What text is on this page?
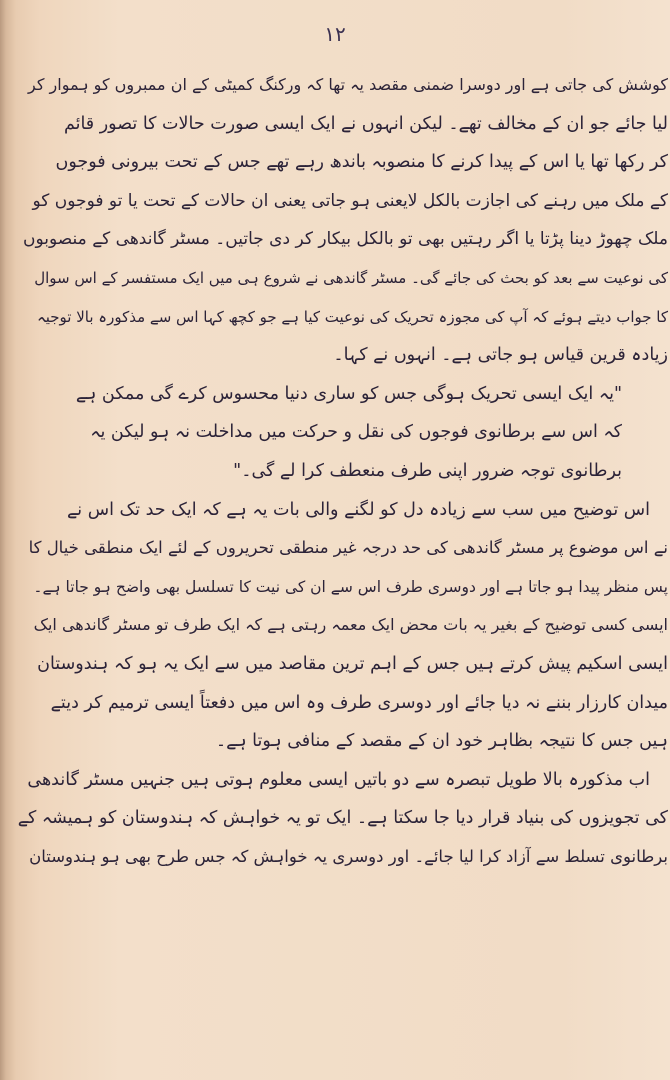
۱۲
کوشش کی جاتی ہے اور دوسرا ضمنی مقصد یہ تھا کہ ورکنگ کمیٹی کے ان ممبروں کو ہموار کر
لیا جائے جو ان کے مخالف تھے۔ لیکن انہوں نے ایک ایسی صورت حالات کا تصور قائم
کر رکھا تھا یا اس کے پیدا کرنے کا منصوبہ باندھ رہے تھے جس کے تحت بیرونی فوجوں
کے ملک میں رہنے کی اجازت بالکل لایعنی ہو جاتی یعنی ان حالات کے تحت یا تو فوجوں کو
ملک چھوڑ دینا پڑتا یا اگر رہتیں بھی تو بالکل بیکار کر دی جاتیں۔ مسٹر گاندھی کے منصوبوں
کی نوعیت سے بعد کو بحث کی جائے گی۔ مسٹر گاندھی نے شروع ہی میں ایک مستفسر کے اس سوال
کا جواب دیتے ہوئے کہ آپ کی مجوزہ تحریک کی نوعیت کیا ہے جو کچھ کہا اس سے مذکورہ بالا توجیہ
زیادہ قرین قیاس ہو جاتی ہے۔ انہوں نے کہا۔
"یہ ایک ایسی تحریک ہوگی جس کو ساری دنیا محسوس کرے گی ممکن ہے
کہ اس سے برطانوی فوجوں کی نقل و حرکت میں مداخلت نہ ہو لیکن یہ
برطانوی توجہ ضرور اپنی طرف منعطف کرا لے گی۔"
اس توضیح میں سب سے زیادہ دل کو لگنے والی بات یہ ہے کہ ایک حد تک اس نے
نے اس موضوع پر مسٹر گاندھی کی حد درجہ غیر منطقی تحریروں کے لئے ایک منطقی خیال کا
پس منظر پیدا ہو جاتا ہے اور دوسری طرف اس سے ان کی نیت کا تسلسل بھی واضح ہو جاتا ہے۔
ایسی کسی توضیح کے بغیر یہ بات محض ایک معمہ رہتی ہے کہ ایک طرف تو مسٹر گاندھی ایک
ایسی اسکیم پیش کرتے ہیں جس کے اہم ترین مقاصد میں سے ایک یہ ہو کہ ہندوستان
میدان کارزار بننے نہ دیا جائے اور دوسری طرف وہ اس میں دفعتاً ایسی ترمیم کر دیتے
ہیں جس کا نتیجہ بظاہر خود ان کے مقصد کے منافی ہوتا ہے۔
اب مذکورہ بالا طویل تبصرہ سے دو باتیں ایسی معلوم ہوتی ہیں جنہیں مسٹر گاندھی
کی تجویزوں کی بنیاد قرار دیا جا سکتا ہے۔ ایک تو یہ خواہش کہ ہندوستان کو ہمیشہ کے
برطانوی تسلط سے آزاد کرا لیا جائے۔ اور دوسری یہ خواہش کہ جس طرح بھی ہو ہندوستان
